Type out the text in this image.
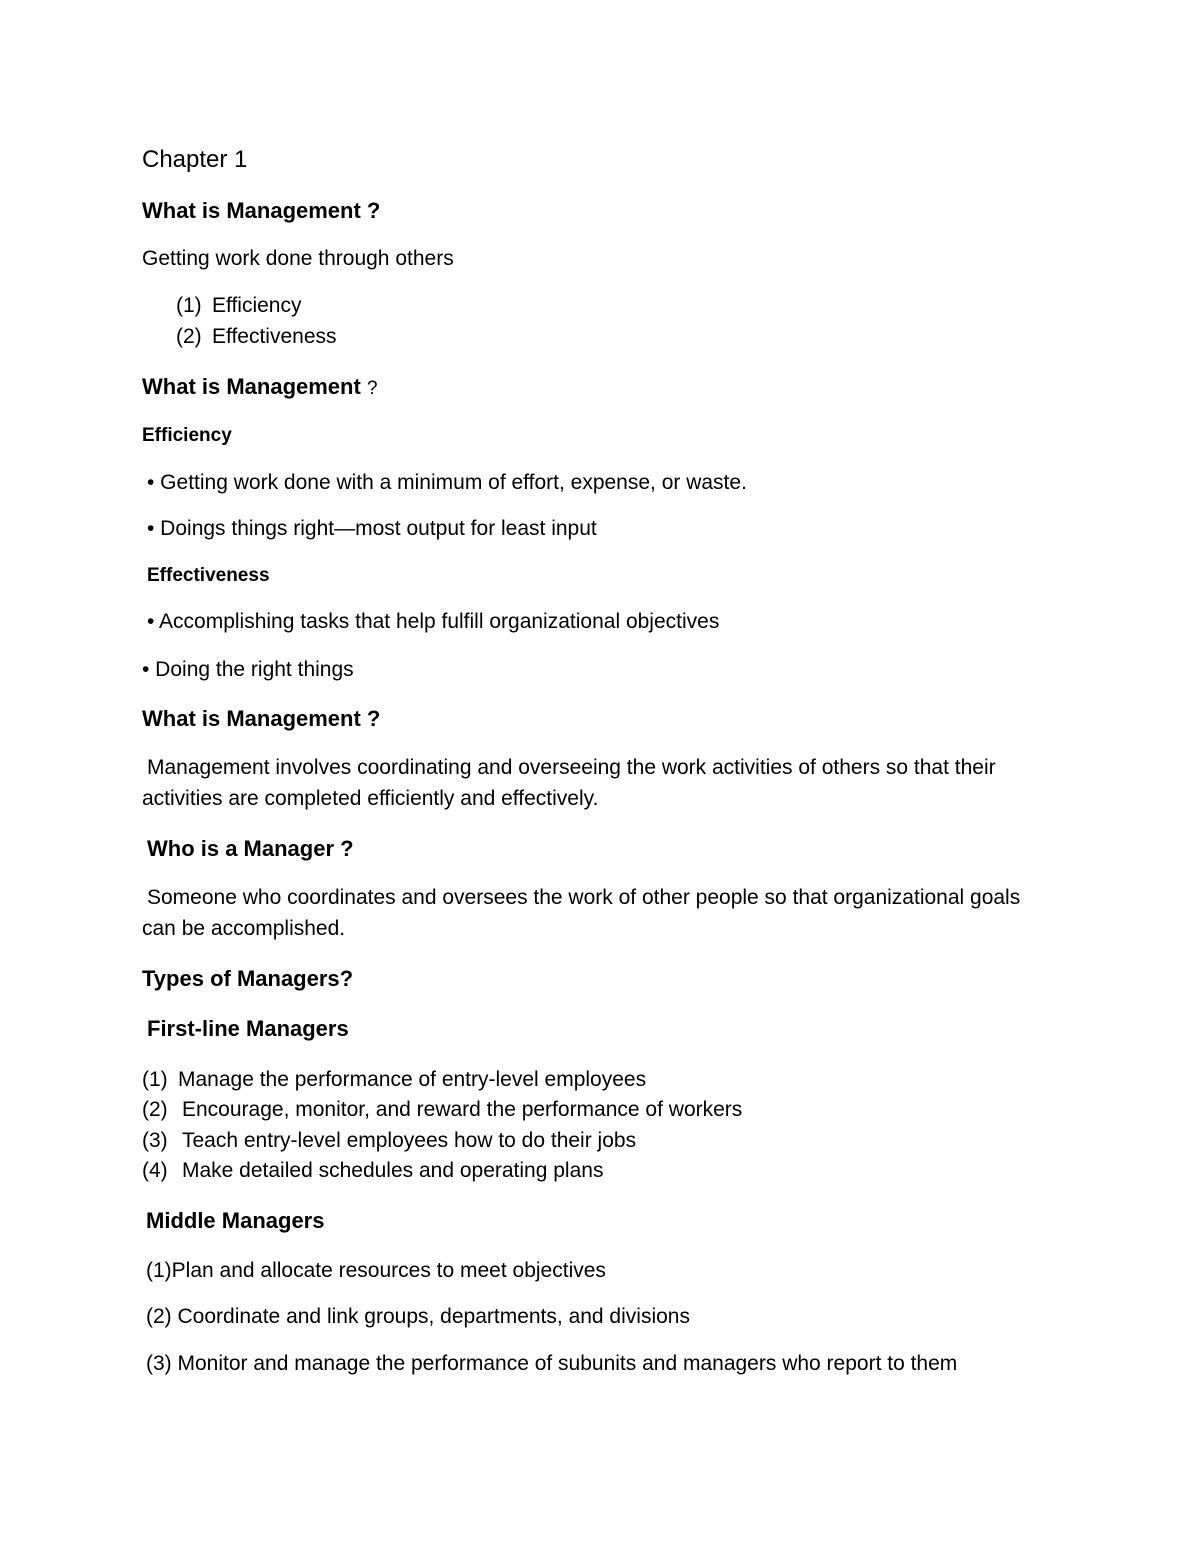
Chapter 1
What is Management ?
Getting work done through others
(1) Efficiency
(2) Effectiveness
What is Management ?
Efficiency
• Getting work done with a minimum of effort, expense, or waste.
• Doings things right—most output for least input
Effectiveness
• Accomplishing tasks that help fulfill organizational objectives
• Doing the right things
What is Management ?
Management involves coordinating and overseeing the work activities of others so that their
activities are completed efficiently and effectively.
Who is a Manager ?
Someone who coordinates and oversees the work of other people so that organizational goals
can be accomplished.
Types of Managers?
First-line Managers
(1) Manage the performance of entry-level employees
(2) Encourage, monitor, and reward the performance of workers
(3) Teach entry-level employees how to do their jobs
(4) Make detailed schedules and operating plans
Middle Managers
(1)Plan and allocate resources to meet objectives
(2) Coordinate and link groups, departments, and divisions
(3) Monitor and manage the performance of subunits and managers who report to them
